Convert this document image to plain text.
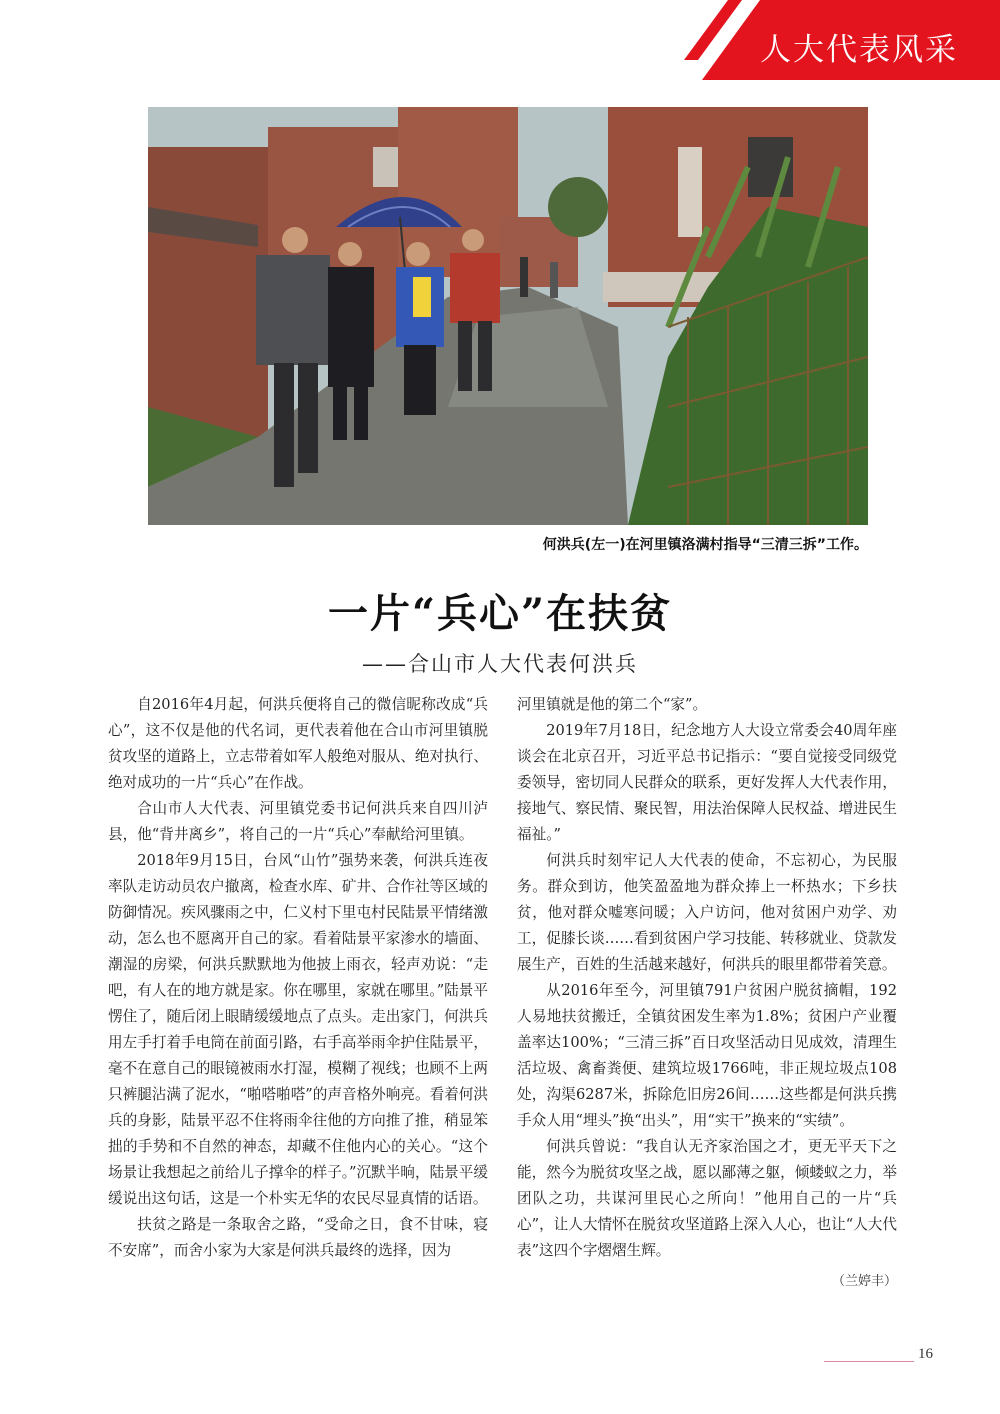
人大代表风采
何洪兵(左一)在河里镇洛满村指导“三清三拆”工作。
一片“兵心”在扶贫
——合山市人大代表何洪兵

自2016年4月起，何洪兵便将自己的微信昵称改成“兵心”，这不仅是他的代名词，更代表着他在合山市河里镇脱贫攻坚的道路上，立志带着如军人般绝对服从、绝对执行、绝对成功的一片“兵心”在作战。

合山市人大代表、河里镇党委书记何洪兵来自四川泸县，他“背井离乡”，将自己的一片“兵心”奉献给河里镇。

2018年9月15日，台风“山竹”强势来袭，何洪兵连夜率队走访动员农户撤离，检查水库、矿井、合作社等区域的防御情况。疾风骤雨之中，仁义村下里屯村民陆景平情绪激动，怎么也不愿离开自己的家。看着陆景平家渗水的墙面、潮湿的房梁，何洪兵默默地为他披上雨衣，轻声劝说：“走吧，有人在的地方就是家。你在哪里，家就在哪里。”陆景平愣住了，随后闭上眼睛缓缓地点了点头。走出家门，何洪兵用左手打着手电筒在前面引路，右手高举雨伞护住陆景平，毫不在意自己的眼镜被雨水打湿，模糊了视线；也顾不上两只裤腿沾满了泥水，“啪嗒啪嗒”的声音格外响亮。看着何洪兵的身影，陆景平忍不住将雨伞往他的方向推了推，稍显笨拙的手势和不自然的神态，却藏不住他内心的关心。“这个场景让我想起之前给儿子撑伞的样子。”沉默半晌，陆景平缓缓说出这句话，这是一个朴实无华的农民尽显真情的话语。

扶贫之路是一条取舍之路，“受命之日，食不甘味，寝不安席”，而舍小家为大家是何洪兵最终的选择，因为

河里镇就是他的第二个“家”。

2019年7月18日，纪念地方人大设立常委会40周年座谈会在北京召开，习近平总书记指示：“要自觉接受同级党委领导，密切同人民群众的联系，更好发挥人大代表作用，接地气、察民情、聚民智，用法治保障人民权益、增进民生福祉。”

何洪兵时刻牢记人大代表的使命，不忘初心，为民服务。群众到访，他笑盈盈地为群众捧上一杯热水；下乡扶贫，他对群众嘘寒问暖；入户访问，他对贫困户劝学、劝工，促膝长谈……看到贫困户学习技能、转移就业、贷款发展生产，百姓的生活越来越好，何洪兵的眼里都带着笑意。

从2016年至今，河里镇791户贫困户脱贫摘帽，192人易地扶贫搬迁，全镇贫困发生率为1.8%；贫困户产业覆盖率达100%；“三清三拆”百日攻坚活动日见成效，清理生活垃圾、禽畜粪便、建筑垃圾1766吨，非正规垃圾点108处，沟渠6287米，拆除危旧房26间……这些都是何洪兵携手众人用“埋头”换“出头”，用“实干”换来的“实绩”。

何洪兵曾说：“我自认无齐家治国之才，更无平天下之能，然今为脱贫攻坚之战，愿以鄙薄之躯，倾蝼蚁之力，举团队之功，共谋河里民心之所向！”他用自己的一片“兵心”，让人大情怀在脱贫攻坚道路上深入人心，也让“人大代表”这四个字熠熠生辉。

（兰婷丰）
16
